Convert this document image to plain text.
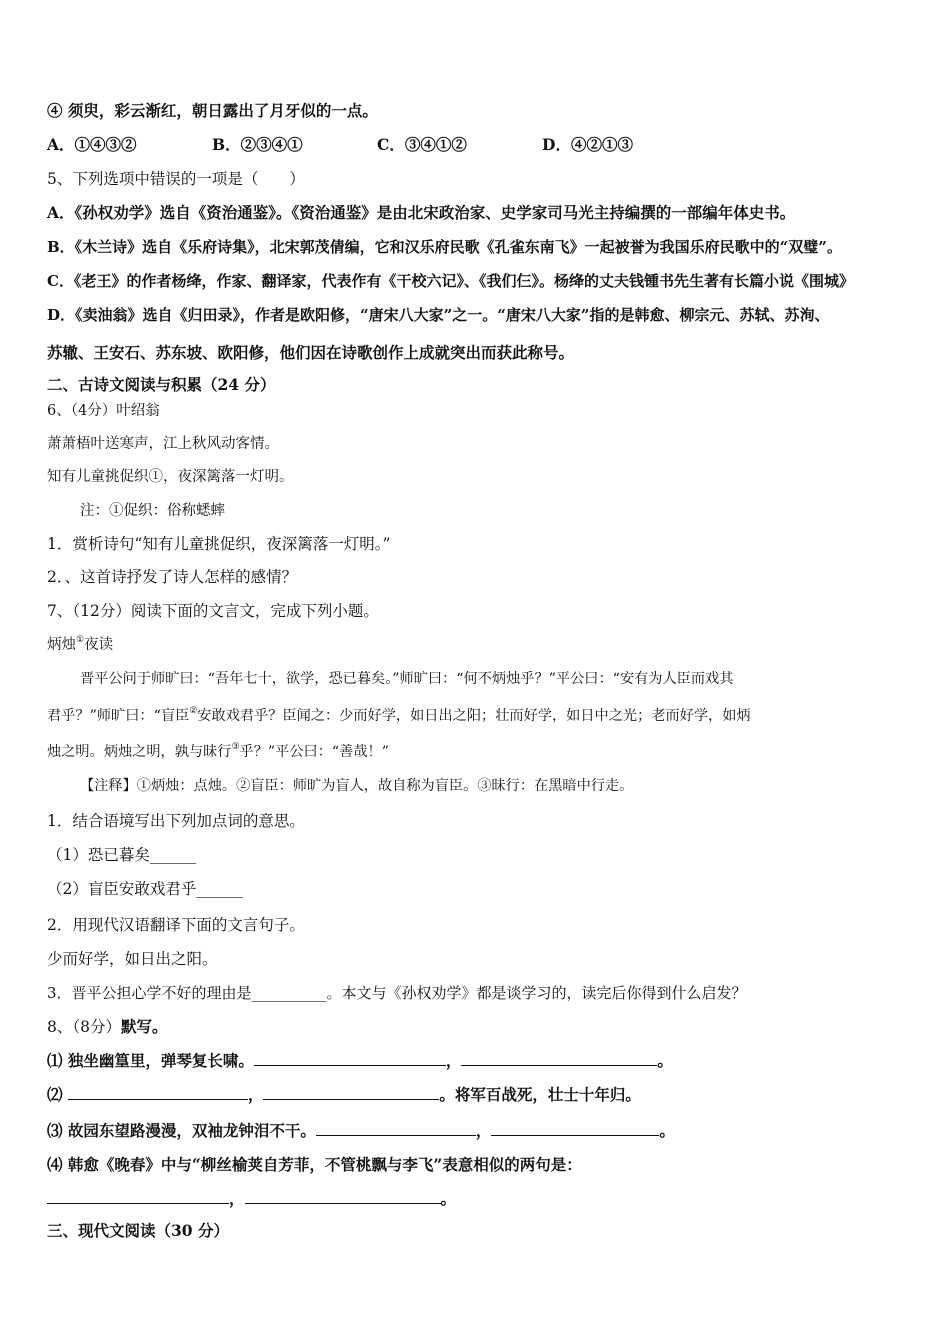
④ 须臾，彩云渐红，朝日露出了月牙似的一点。
A．①④③②	B．②③④①	C．③④①②	D．④②①③
5、下列选项中错误的一项是（　　）
A．《孙权劝学》选自《资治通鉴》。《资治通鉴》是由北宋政治家、史学家司马光主持编撰的一部编年体史书。
B．《木兰诗》选自《乐府诗集》，北宋郭茂倩编，它和汉乐府民歌《孔雀东南飞》一起被誉为我国乐府民歌中的“双璧”。
C．《老王》的作者杨绛，作家、翻译家，代表作有《干校六记》、《我们仨》。杨绛的丈夫钱锺书先生著有长篇小说《围城》
D．《卖油翁》选自《归田录》，作者是欧阳修，“唐宋八大家”之一。“唐宋八大家”指的是韩愈、柳宗元、苏轼、苏洵、
苏辙、王安石、苏东坡、欧阳修，他们因在诗歌创作上成就突出而获此称号。
二、古诗文阅读与积累（24 分）
6、（4分）叶绍翁
萧萧梧叶送寒声，江上秋风动客情。
知有儿童挑促织①，夜深篱落一灯明。
注：①促织：俗称蟋蟀
1．赏析诗句“知有儿童挑促织，夜深篱落一灯明。”
2．、这首诗抒发了诗人怎样的感情？
7、（12分）阅读下面的文言文，完成下列小题。
炳烛①夜读
晋平公问于师旷曰：“吾年七十，欲学，恐已暮矣。”师旷曰：“何不炳烛乎？”平公曰：“安有为人臣而戏其
君乎？”师旷曰：“盲臣②安敢戏君乎？臣闻之：少而好学，如日出之阳；壮而好学，如日中之光；老而好学，如炳
烛之明。炳烛之明，孰与昧行③乎？”平公曰：“善哉！”
【注释】①炳烛：点烛。②盲臣：师旷为盲人，故自称为盲臣。③昧行：在黑暗中行走。
1．结合语境写出下列加点词的意思。
（1）恐已暮矣______
（2）盲臣安敢戏君乎______
2．用现代汉语翻译下面的文言句子。
少而好学，如日出之阳。
3．晋平公担心学不好的理由是__________。本文与《孙权劝学》都是谈学习的，读完后你得到什么启发？
8、（8分）默写。
⑴ 独坐幽篁里，弹琴复长啸。	，	。
⑵	，	。将军百战死，壮士十年归。
⑶ 故园东望路漫漫，双袖龙钟泪不干。	，	。
⑷ 韩愈《晚春》中与“柳丝榆荚自芳菲，不管桃飘与李飞”表意相似的两句是：
，	。
三、现代文阅读（30 分）
